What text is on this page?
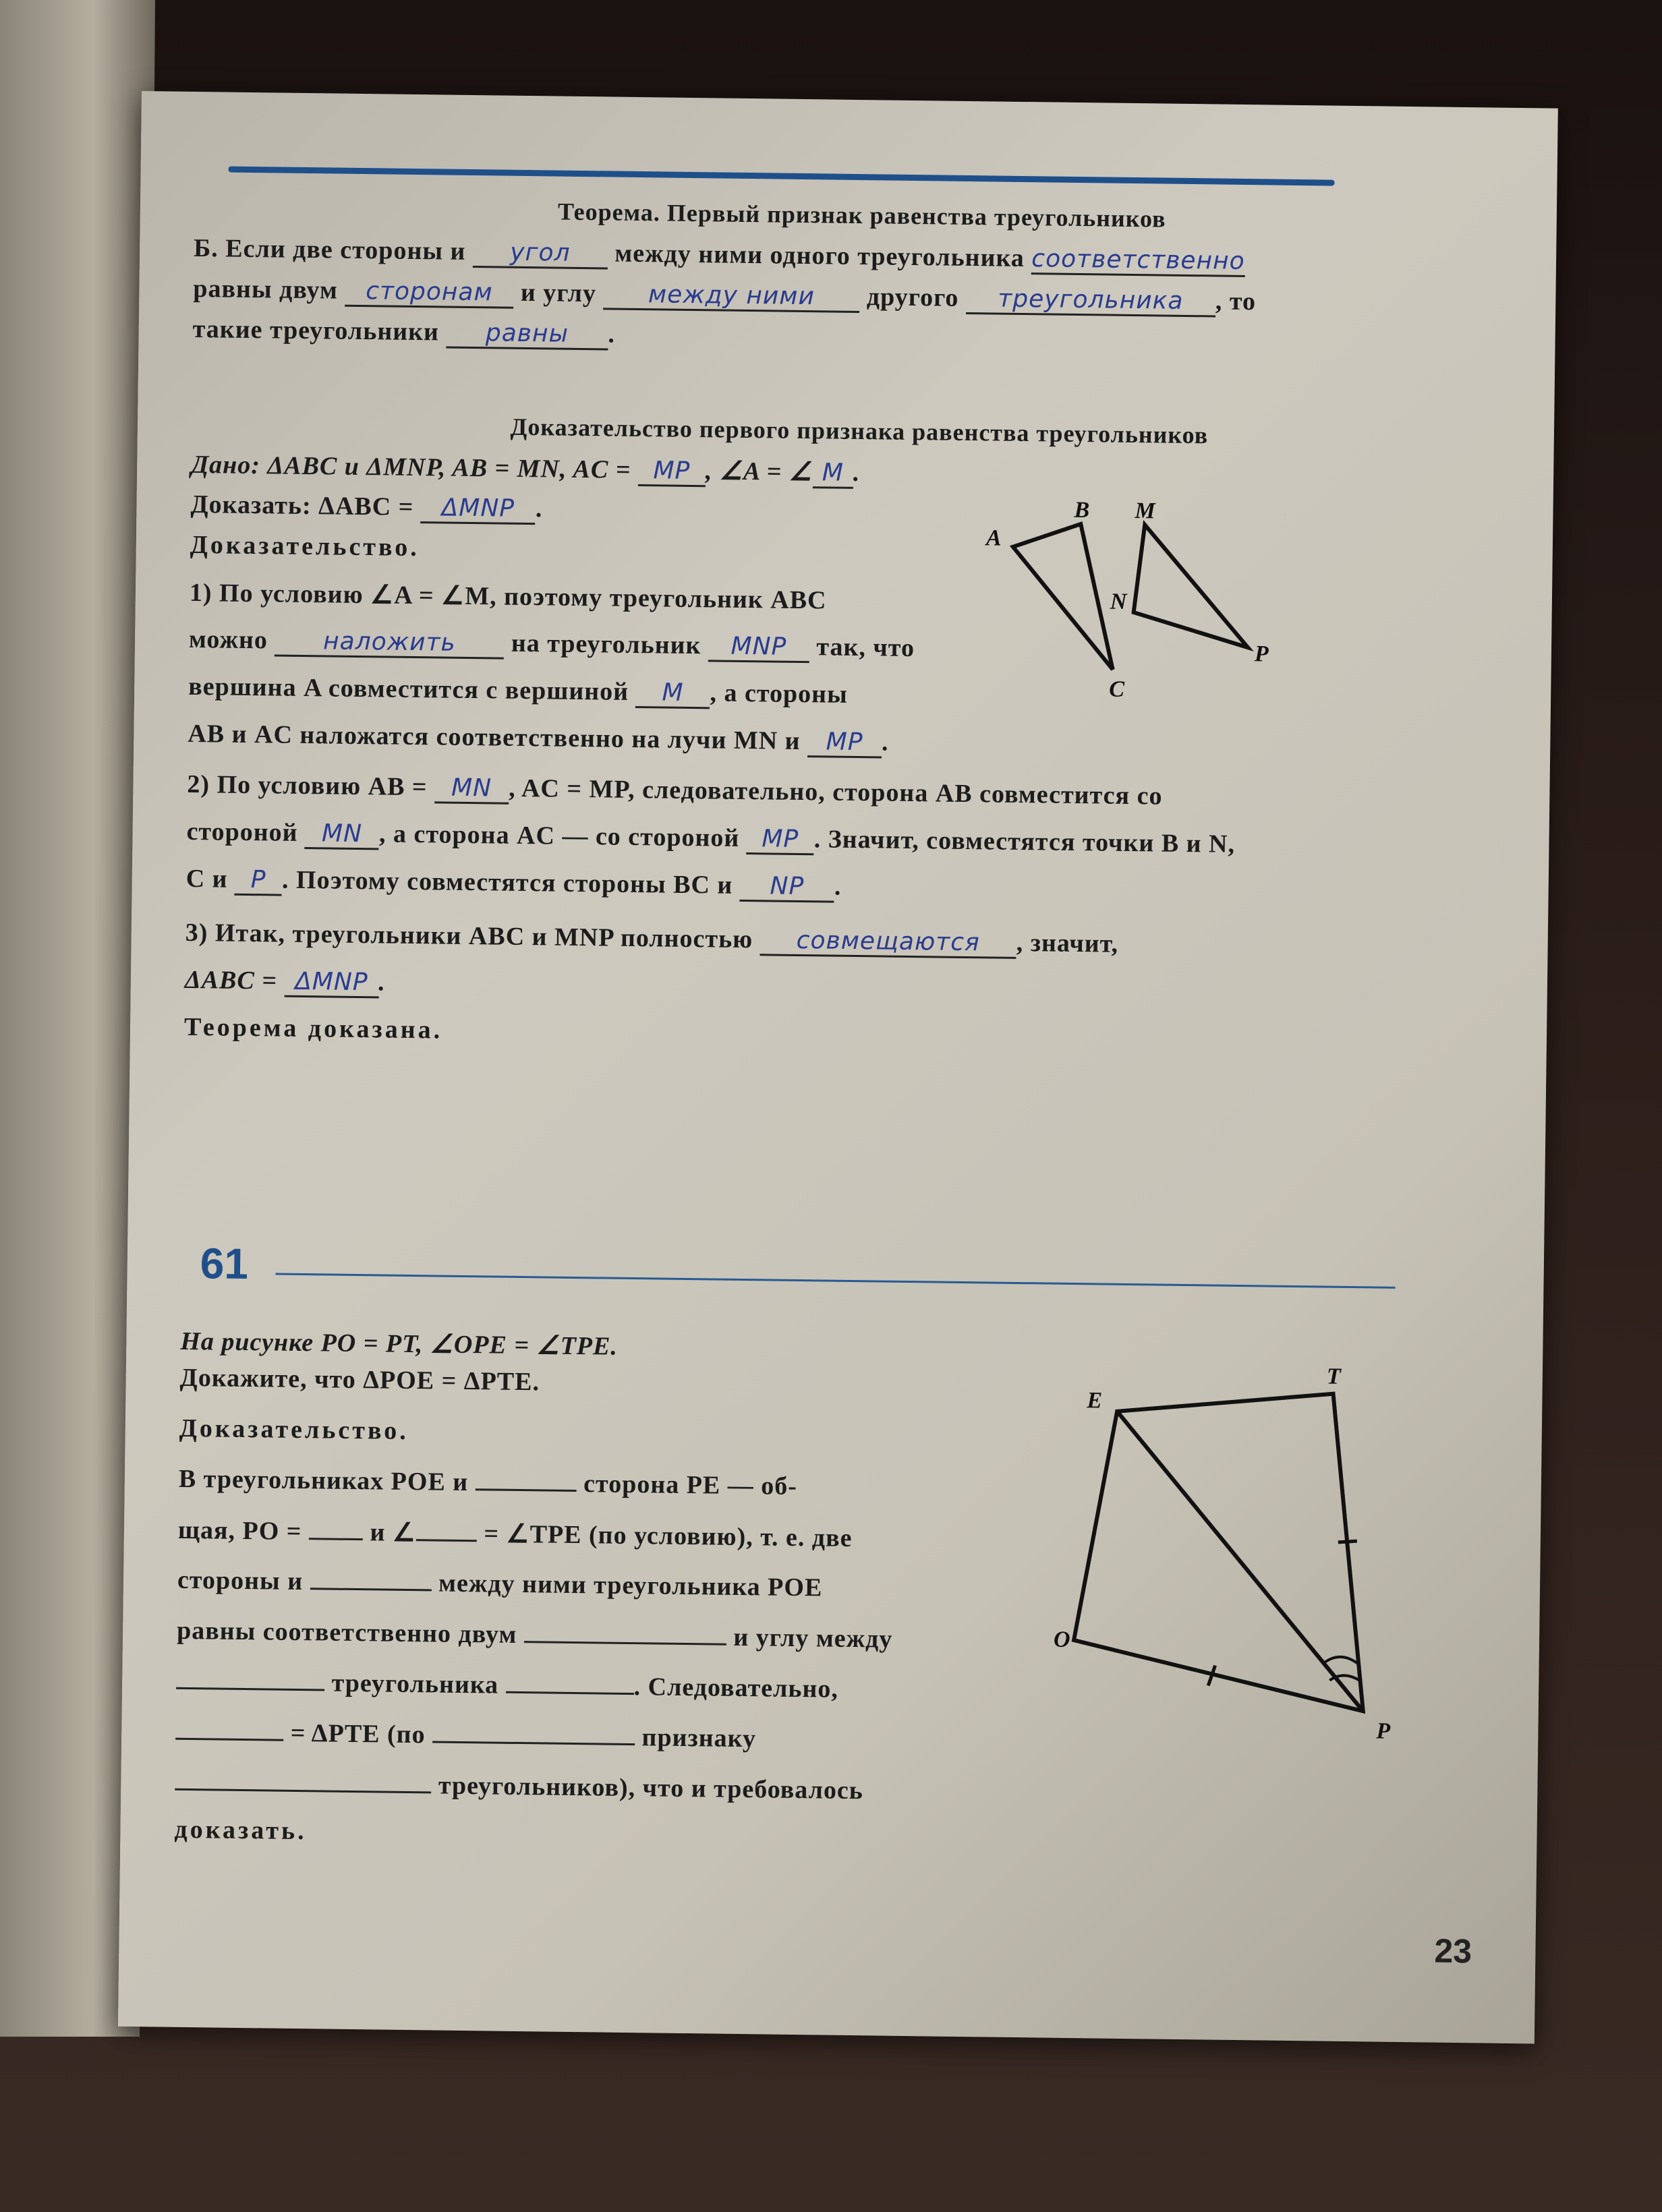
Теорема. Первый признак равенства треугольников
Б. Если две стороны и угол между ними одного треугольника соответственно
равны двум сторонам и углу между ними другого треугольника , то
такие треугольники равны .
Доказательство первого признака равенства треугольников
Дано: ΔABC и ΔMNP, AB = MN, AC = MP , ∠A = ∠ M .
Доказать: ΔABC = ΔMNP .
Доказательство.
1) По условию ∠A = ∠M, поэтому треугольник ABC
можно наложить на треугольник MNP так, что
вершина A совместится с вершиной M , а стороны
AB и AC наложатся соответственно на лучи MN и MP .
2) По условию AB = MN , AC = MP, следовательно, сторона AB совместится со
стороной MN , а сторона AC — со стороной MP . Значит, совместятся точки B и N,
C и P . Поэтому совместятся стороны BC и NP .
3) Итак, треугольники ABC и MNP полностью совмещаются , значит,
ΔABC = ΔMNP .
Теорема доказана.
A
B
C
M
N
P
61
На рисунке PO = PT, ∠OPE = ∠TPE.
Докажите, что ΔPOE = ΔPTE.
Доказательство.
В треугольниках POE и	сторона PE — об-
щая, PO =	и ∠	= ∠TPE (по условию), т. е. две
стороны и	между ними треугольника POE
равны соответственно двум	и углу между
треугольника	. Следовательно,
= ΔPTE (по	признаку
треугольников), что и требовалось
доказать.
E
T
O
P
23
